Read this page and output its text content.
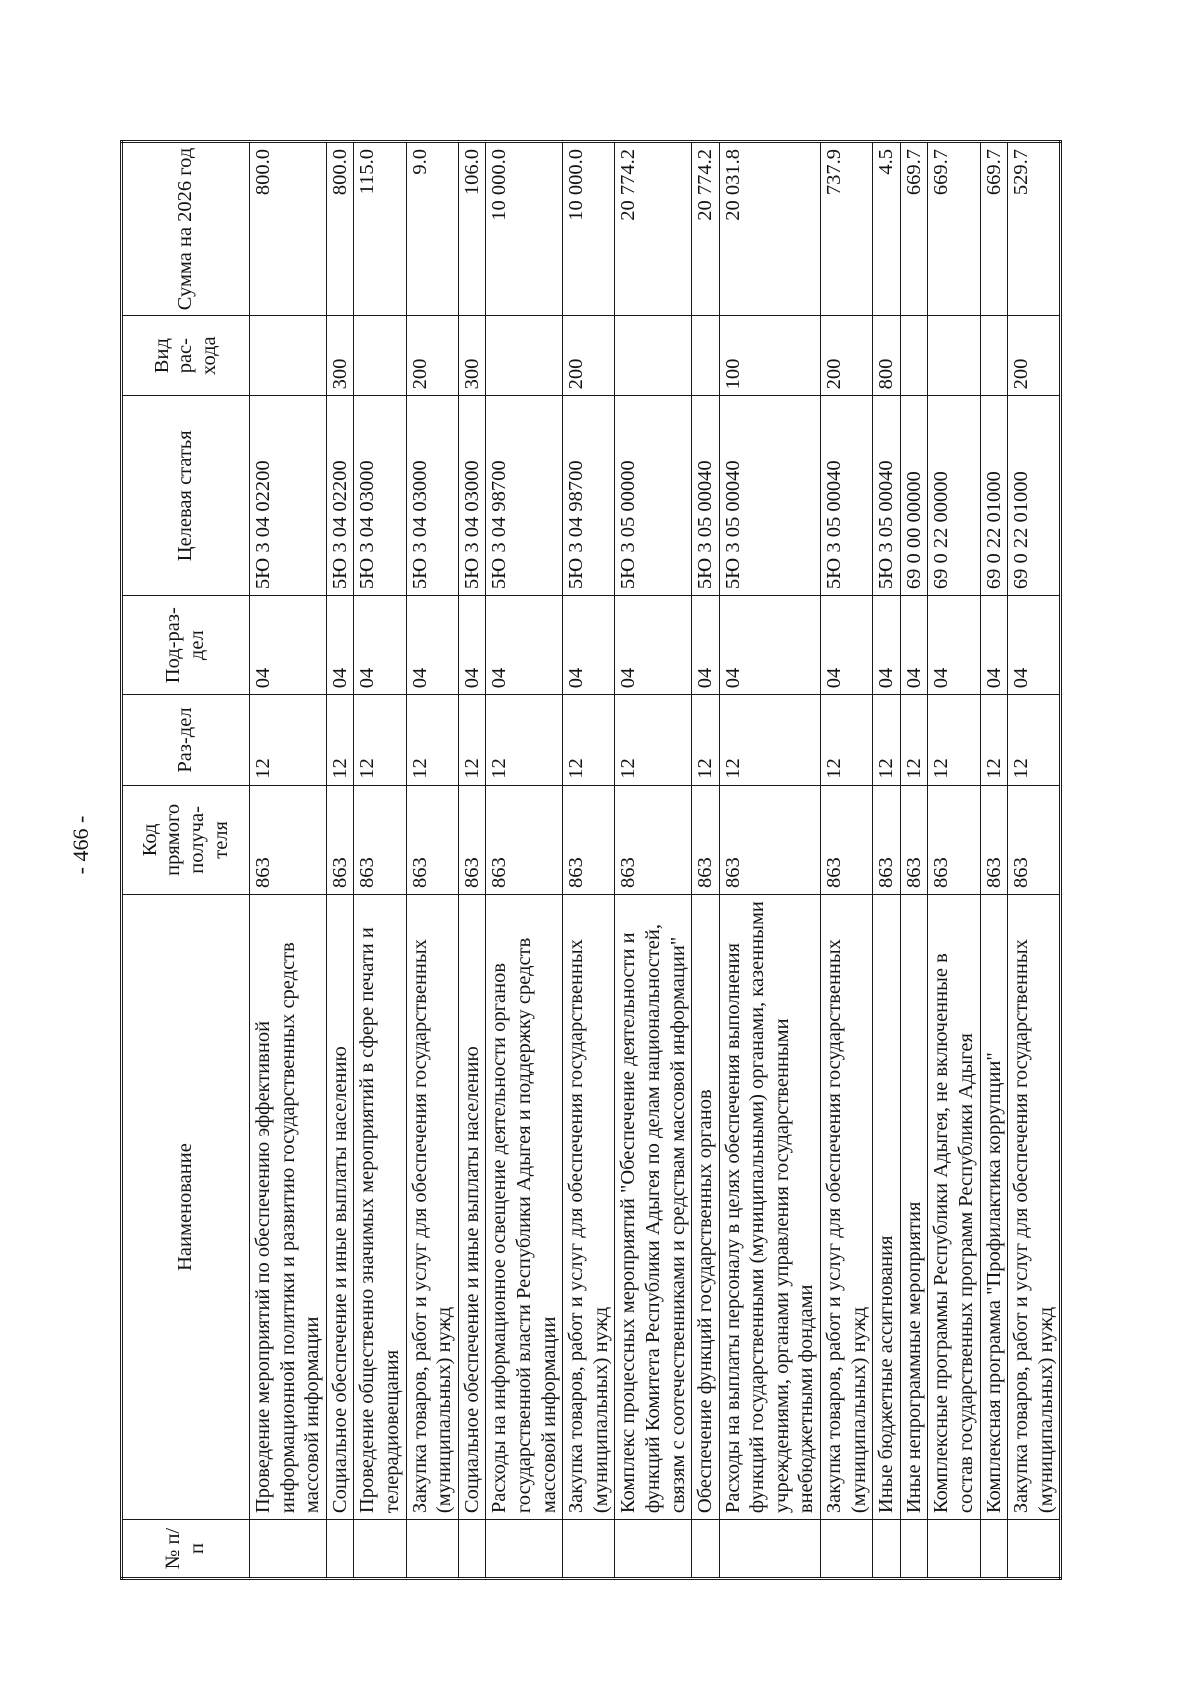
- 466 -
№ п/п	Наименование	Код прямого получа-теля	Раз-дел	Под-раз-дел	Целевая статья	Вид рас-хода	Сумма на 2026 год
	Проведение мероприятий по обеспечению эффективной информационной политики и развитию государственных средств массовой информации	863	12	04	5Ю 3 04 02200		800.0
	Социальное обеспечение и иные выплаты населению	863	12	04	5Ю 3 04 02200	300	800.0
	Проведение общественно значимых мероприятий в сфере печати и телерадиовещания	863	12	04	5Ю 3 04 03000		115.0
	Закупка товаров, работ и услуг для обеспечения государственных (муниципальных) нужд	863	12	04	5Ю 3 04 03000	200	9.0
	Социальное обеспечение и иные выплаты населению	863	12	04	5Ю 3 04 03000	300	106.0
	Расходы на информационное освещение деятельности органов государственной власти Республики Адыгея и поддержку средств массовой информации	863	12	04	5Ю 3 04 98700		10 000.0
	Закупка товаров, работ и услуг для обеспечения государственных (муниципальных) нужд	863	12	04	5Ю 3 04 98700	200	10 000.0
	Комплекс процессных мероприятий "Обеспечение деятельности и функций Комитета Республики Адыгея по делам национальностей, связям с соотечественниками и средствам массовой информации"	863	12	04	5Ю 3 05 00000		20 774.2
	Обеспечение функций государственных органов	863	12	04	5Ю 3 05 00040		20 774.2
	Расходы на выплаты персоналу в целях обеспечения выполнения функций государственными (муниципальными) органами, казенными учреждениями, органами управления государственными внебюджетными фондами	863	12	04	5Ю 3 05 00040	100	20 031.8
	Закупка товаров, работ и услуг для обеспечения государственных (муниципальных) нужд	863	12	04	5Ю 3 05 00040	200	737.9
	Иные бюджетные ассигнования	863	12	04	5Ю 3 05 00040	800	4.5
	Иные непрограммные мероприятия	863	12	04	69 0 00 00000		669.7
	Комплексные программы Республики Адыгея, не включенные в состав государственных программ Республики Адыгея	863	12	04	69 0 22 00000		669.7
	Комплексная программа "Профилактика коррупции"	863	12	04	69 0 22 01000		669.7
	Закупка товаров, работ и услуг для обеспечения государственных (муниципальных) нужд	863	12	04	69 0 22 01000	200	529.7
